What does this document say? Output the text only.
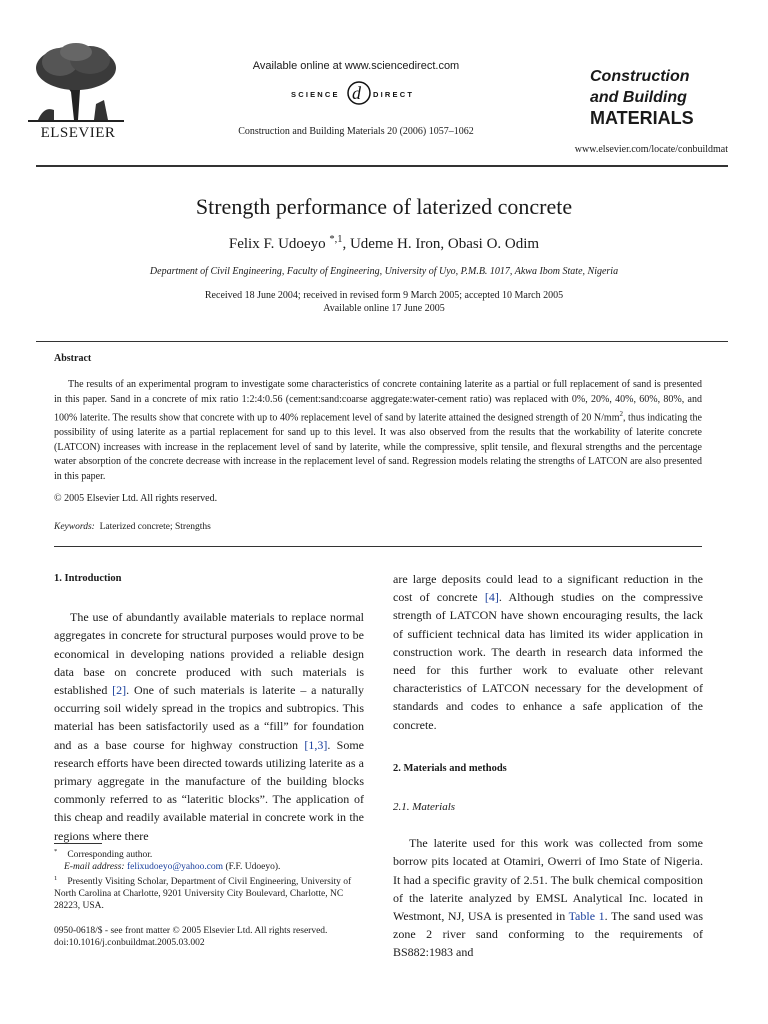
ELSEVIER
Available online at www.sciencedirect.com
SCIENCE d DIRECT
Construction and Building Materials 20 (2006) 1057–1062
Construction
and Building
MATERIALS
www.elsevier.com/locate/conbuildmat
Strength performance of laterized concrete
Felix F. Udoeyo $^{*,1}$, Udeme H. Iron, Obasi O. Odim
Department of Civil Engineering, Faculty of Engineering, University of Uyo, P.M.B. 1017, Akwa Ibom State, Nigeria
Received 18 June 2004; received in revised form 9 March 2005; accepted 10 March 2005
Available online 17 June 2005
Abstract
The results of an experimental program to investigate some characteristics of concrete containing laterite as a partial or full replacement of sand is presented in this paper. Sand in a concrete of mix ratio 1:2:4:0.56 (cement:sand:coarse aggregate:water-cement ratio) was replaced with 0%, 20%, 40%, 60%, 80%, and 100% laterite. The results show that concrete with up to 40% replacement level of sand by laterite attained the designed strength of 20 $N/mm^2$, thus indicating the possibility of using laterite as a partial replacement for sand up to this level. It was also observed from the results that the workability of laterite concrete (LATCON) increases with increase in the replacement level of sand by laterite, while the compressive, split tensile, and flexural strengths and the percentage water absorption of the concrete decrease with increase in the replacement level of sand. Regression models relating the strengths of LATCON are also presented in this paper.
© 2005 Elsevier Ltd. All rights reserved.
Keywords: Laterized concrete; Strengths
1. Introduction

The use of abundantly available materials to replace normal aggregates in concrete for structural purposes would prove to be economical in developing nations provided a reliable design data base on concrete produced with such materials is established [2]. One of such materials is laterite – a naturally occurring soil widely spread in the tropics and subtropics. This material has been satisfactorily used as a “fill” for foundation and as a base course for highway construction [1,3]. Some research efforts have been directed towards utilizing laterite as a primary aggregate in the manufacture of the building blocks commonly referred to as “lateritic blocks”. The application of this cheap and readily available material in concrete work in the regions where there

are large deposits could lead to a significant reduction in the cost of concrete [4]. Although studies on the compressive strength of LATCON have shown encouraging results, the lack of sufficient technical data has limited its wider application in construction work. The dearth in research data informed the need for this further work to evaluate other relevant characteristics of LATCON necessary for the development of standards and codes to enhance a safe application of the concrete.

2. Materials and methods
2.1. Materials

The laterite used for this work was collected from some borrow pits located at Otamiri, Owerri of Imo State of Nigeria. It had a specific gravity of 2.51. The bulk chemical composition of the laterite analyzed by EMSL Analytical Inc. located in Westmont, NJ, USA is presented in Table 1. The sand used was zone 2 river sand conforming to the requirements of BS882:1983 and

* Corresponding author.

E-mail address: felixudoeyo@yahoo.com (F.F. Udoeyo).

$^1$ Presently Visiting Scholar, Department of Civil Engineering, University of North Carolina at Charlotte, 9201 University City Boulevard, Charlotte, NC 28223, USA.

0950-0618/$ - see front matter © 2005 Elsevier Ltd. All rights reserved.
doi:10.1016/j.conbuildmat.2005.03.002
